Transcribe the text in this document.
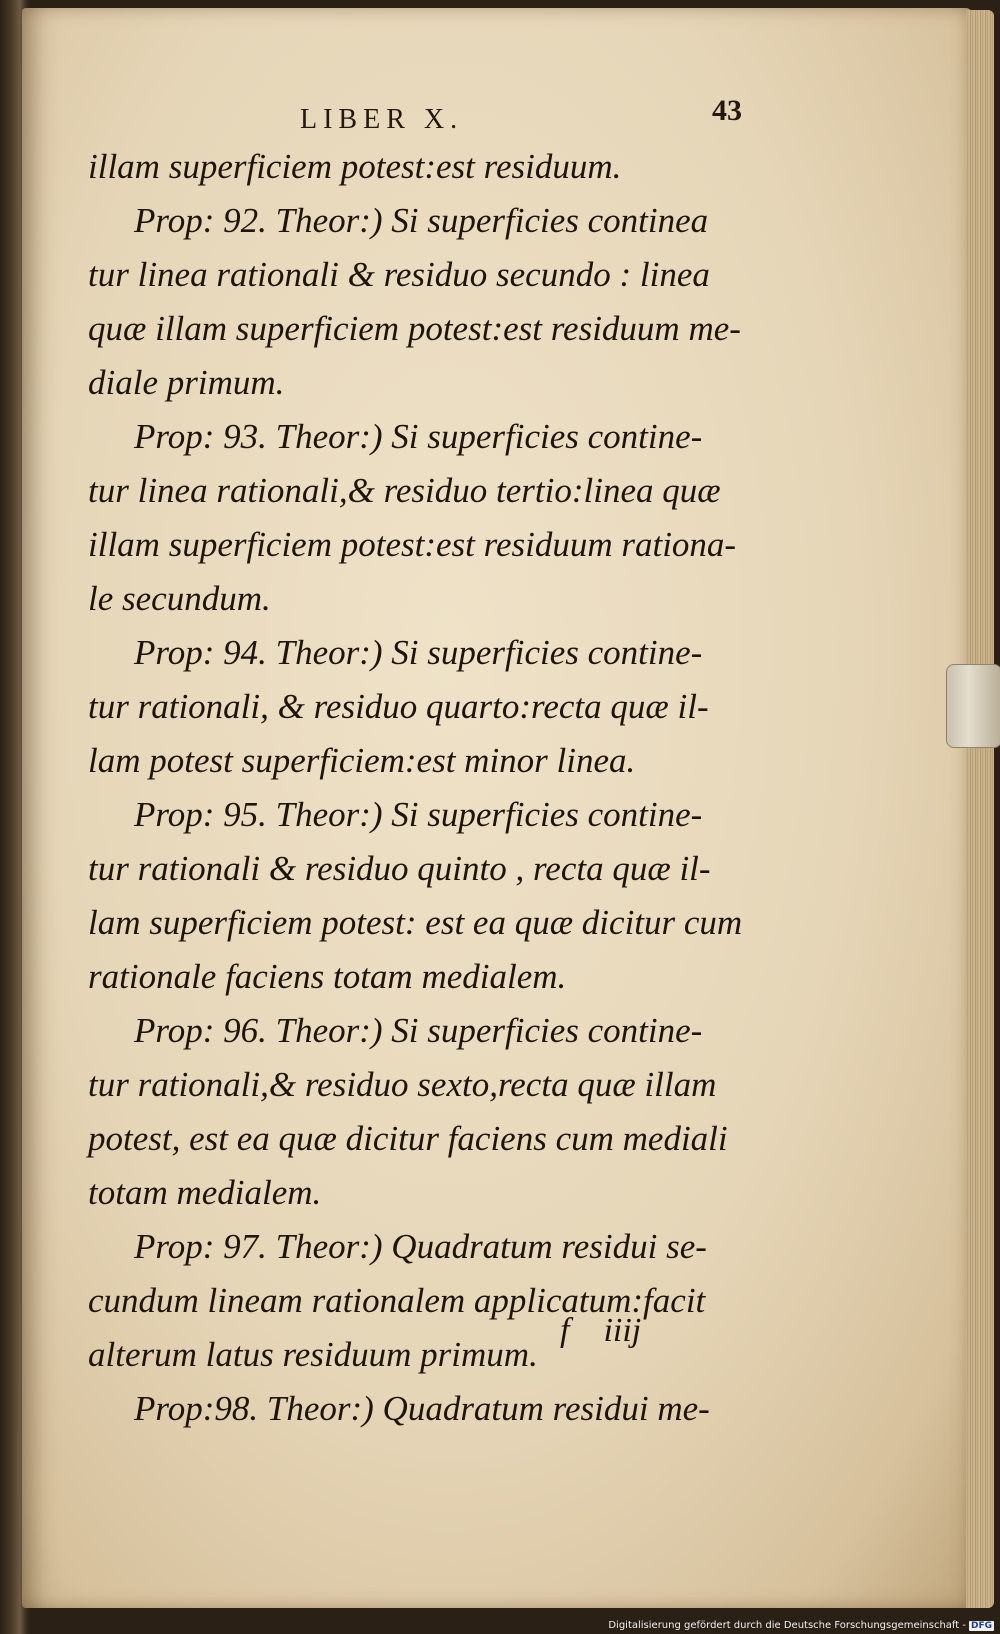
LIBER X.	43
illam superficiem potest:est residuum.
Prop: 92. Theor:) Si superficies continea
tur linea rationali & residuo secundo : linea
quæ illam superficiem potest:est residuum me-
diale primum.
Prop: 93. Theor:) Si superficies contine-
tur linea rationali,& residuo tertio:linea quæ
illam superficiem potest:est residuum rationa-
le secundum.
Prop: 94. Theor:) Si superficies contine-
tur rationali, & residuo quarto:recta quæ il-
lam potest superficiem:est minor linea.
Prop: 95. Theor:) Si superficies contine-
tur rationali & residuo quinto , recta quæ il-
lam superficiem potest: est ea quæ dicitur cum
rationale faciens totam medialem.
Prop: 96. Theor:) Si superficies contine-
tur rationali,& residuo sexto,recta quæ illam
potest, est ea quæ dicitur faciens cum mediali
totam medialem.
Prop: 97. Theor:) Quadratum residui se-
cundum lineam rationalem applicatum:facit
alterum latus residuum primum.
Prop:98. Theor:) Quadratum residui me-
f    iiij
Digitalisierung gefördert durch die Deutsche Forschungsgemeinschaft - DFG
